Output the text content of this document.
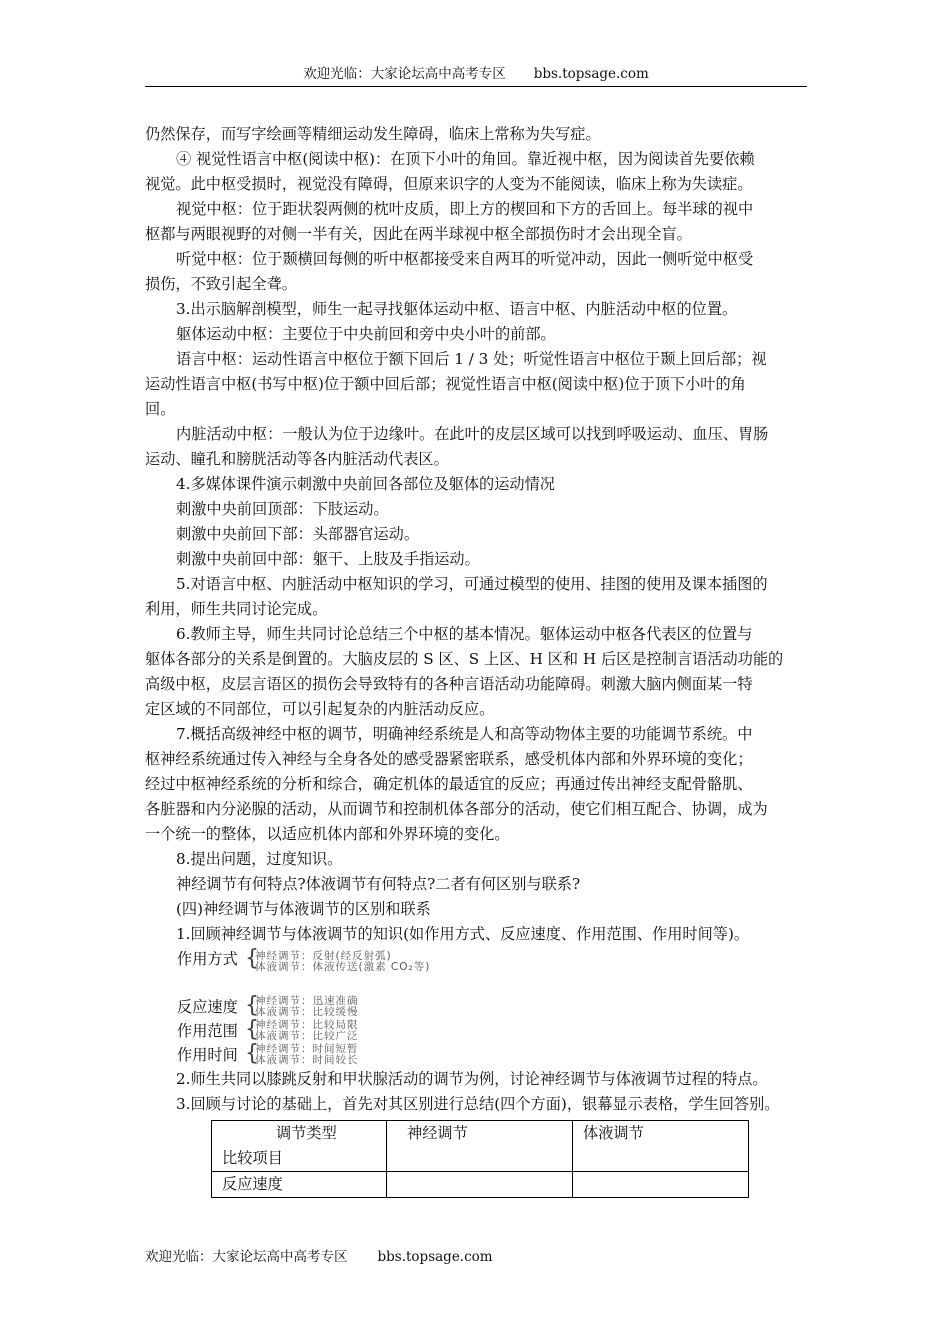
欢迎光临：大家论坛高中高考专区 bbs.topsage.com

仍然保存，而写字绘画等精细运动发生障碍，临床上常称为失写症。

④ 视觉性语言中枢(阅读中枢)：在顶下小叶的角回。靠近视中枢，因为阅读首先要依赖

视觉。此中枢受损时，视觉没有障碍，但原来识字的人变为不能阅读，临床上称为失读症。

视觉中枢：位于距状裂两侧的枕叶皮质，即上方的楔回和下方的舌回上。每半球的视中

枢都与两眼视野的对侧一半有关，因此在两半球视中枢全部损伤时才会出现全盲。

听觉中枢：位于颞横回每侧的听中枢都接受来自两耳的听觉冲动，因此一侧听觉中枢受

损伤，不致引起全聋。

3.出示脑解剖模型，师生一起寻找躯体运动中枢、语言中枢、内脏活动中枢的位置。

躯体运动中枢：主要位于中央前回和旁中央小叶的前部。

语言中枢：运动性语言中枢位于额下回后 1 / 3 处；听觉性语言中枢位于颞上回后部；视

运动性语言中枢(书写中枢)位于额中回后部；视觉性语言中枢(阅读中枢)位于顶下小叶的角

回。

内脏活动中枢：一般认为位于边缘叶。在此叶的皮层区域可以找到呼吸运动、血压、胃肠

运动、瞳孔和膀胱活动等各内脏活动代表区。

4.多媒体课件演示刺激中央前回各部位及躯体的运动情况

刺激中央前回顶部：下肢运动。

刺激中央前回下部：头部器官运动。

刺激中央前回中部：躯干、上肢及手指运动。

5.对语言中枢、内脏活动中枢知识的学习，可通过模型的使用、挂图的使用及课本插图的

利用，师生共同讨论完成。

6.教师主导，师生共同讨论总结三个中枢的基本情况。躯体运动中枢各代表区的位置与

躯体各部分的关系是倒置的。大脑皮层的 S 区、S 上区、H 区和 H 后区是控制言语活动功能的

高级中枢，皮层言语区的损伤会导致特有的各种言语活动功能障碍。刺激大脑内侧面某一特

定区域的不同部位，可以引起复杂的内脏活动反应。

7.概括高级神经中枢的调节，明确神经系统是人和高等动物体主要的功能调节系统。中

枢神经系统通过传入神经与全身各处的感受器紧密联系，感受机体内部和外界环境的变化；

经过中枢神经系统的分析和综合，确定机体的最适宜的反应；再通过传出神经支配骨骼肌、

各脏器和内分泌腺的活动，从而调节和控制机体各部分的活动，使它们相互配合、协调，成为

一个统一的整体，以适应机体内部和外界环境的变化。

8.提出问题，过度知识。

神经调节有何特点?体液调节有何特点?二者有何区别与联系?

(四)神经调节与体液调节的区别和联系

1.回顾神经调节与体液调节的知识(如作用方式、反应速度、作用范围、作用时间等)。

作用方式 {
神经调节：反射(经反射弧)
体液调节：体液传送(激素 CO₂等)
反应速度 {
神经调节：迅速准确
体液调节：比较缓慢
作用范围 {
神经调节：比较局限
体液调节：比较广泛
作用时间 {
神经调节：时间短暂
体液调节：时间较长

2.师生共同以膝跳反射和甲状腺活动的调节为例，讨论神经调节与体液调节过程的特点。

3.回顾与讨论的基础上，首先对其区别进行总结(四个方面)，银幕显示表格，学生回答别。

调节类型
比较项目	神经调节	体液调节
反应速度		
欢迎光临：大家论坛高中高考专区 bbs.topsage.com
